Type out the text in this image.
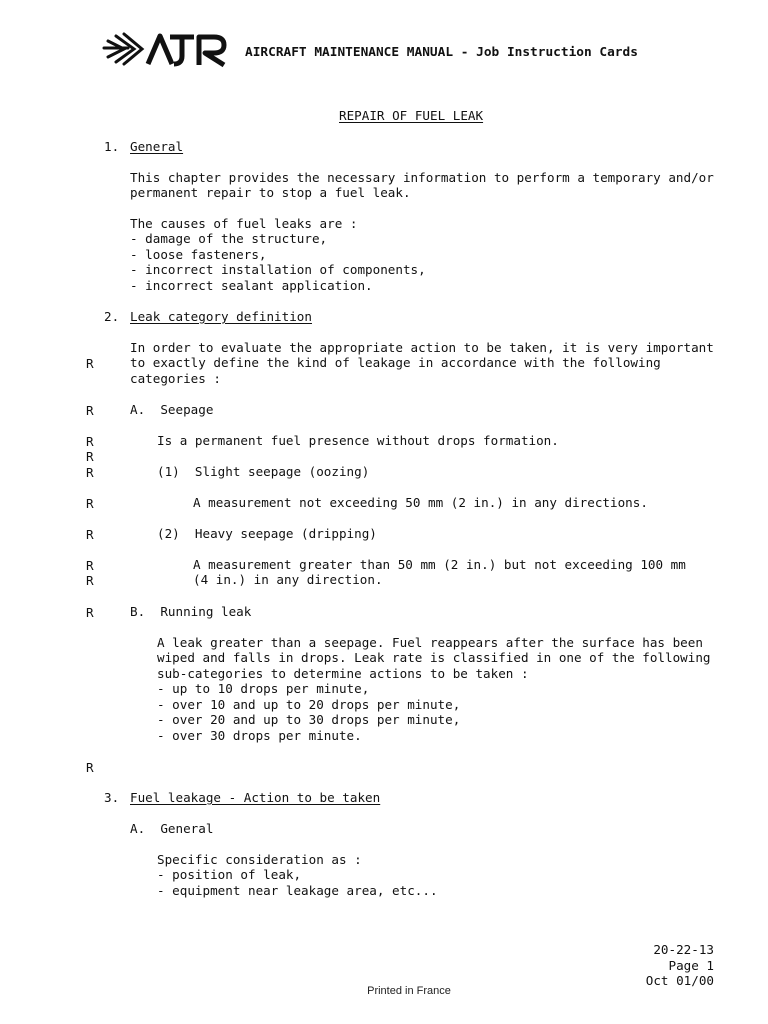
AIRCRAFT MAINTENANCE MANUAL - Job Instruction Cards
REPAIR OF FUEL LEAK
1. General
This chapter provides the necessary information to perform a temporary and/or
permanent repair to stop a fuel leak.
The causes of fuel leaks are :
- damage of the structure,
- loose fasteners,
- incorrect installation of components,
- incorrect sealant application.
2. Leak category definition
In order to evaluate the appropriate action to be taken, it is very important
to exactly define the kind of leakage in accordance with the following
categories :
A.  Seepage
Is a permanent fuel presence without drops formation.
(1)  Slight seepage (oozing)
A measurement not exceeding 50 mm (2 in.) in any directions.
(2)  Heavy seepage (dripping)
A measurement greater than 50 mm (2 in.) but not exceeding 100 mm
(4 in.) in any direction.
B.  Running leak
A leak greater than a seepage. Fuel reappears after the surface has been
wiped and falls in drops. Leak rate is classified in one of the following
sub-categories to determine actions to be taken :
- up to 10 drops per minute,
- over 10 and up to 20 drops per minute,
- over 20 and up to 30 drops per minute,
- over 30 drops per minute.
3. Fuel leakage - Action to be taken
A.  General
Specific consideration as :
- position of leak,
- equipment near leakage area, etc...
R
R
R
R
R
R
R
R
R
R
R
20-22-13
Page 1
Oct 01/00
Printed in France
